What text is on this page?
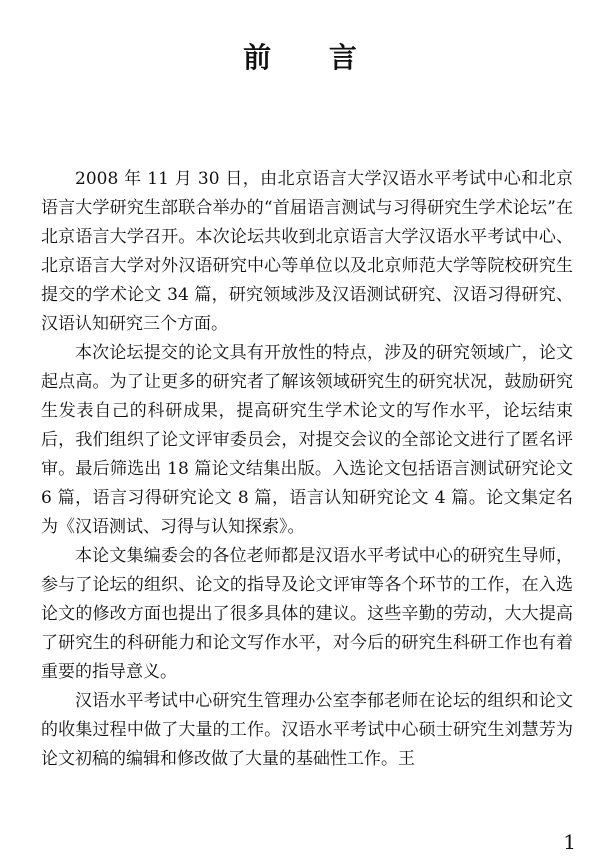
前 言

2008 年 11 月 30 日，由北京语言大学汉语水平考试中心和北京语言大学研究生部联合举办的“首届语言测试与习得研究生学术论坛”在北京语言大学召开。本次论坛共收到北京语言大学汉语水平考试中心、北京语言大学对外汉语研究中心等单位以及北京师范大学等院校研究生提交的学术论文 34 篇，研究领域涉及汉语测试研究、汉语习得研究、汉语认知研究三个方面。

本次论坛提交的论文具有开放性的特点，涉及的研究领域广，论文起点高。为了让更多的研究者了解该领域研究生的研究状况，鼓励研究生发表自己的科研成果，提高研究生学术论文的写作水平，论坛结束后，我们组织了论文评审委员会，对提交会议的全部论文进行了匿名评审。最后筛选出 18 篇论文结集出版。入选论文包括语言测试研究论文 6 篇，语言习得研究论文 8 篇，语言认知研究论文 4 篇。论文集定名为《汉语测试、习得与认知探索》。

本论文集编委会的各位老师都是汉语水平考试中心的研究生导师，参与了论坛的组织、论文的指导及论文评审等各个环节的工作，在入选论文的修改方面也提出了很多具体的建议。这些辛勤的劳动，大大提高了研究生的科研能力和论文写作水平，对今后的研究生科研工作也有着重要的指导意义。

汉语水平考试中心研究生管理办公室李郁老师在论坛的组织和论文的收集过程中做了大量的工作。汉语水平考试中心硕士研究生刘慧芳为论文初稿的编辑和修改做了大量的基础性工作。王

1
